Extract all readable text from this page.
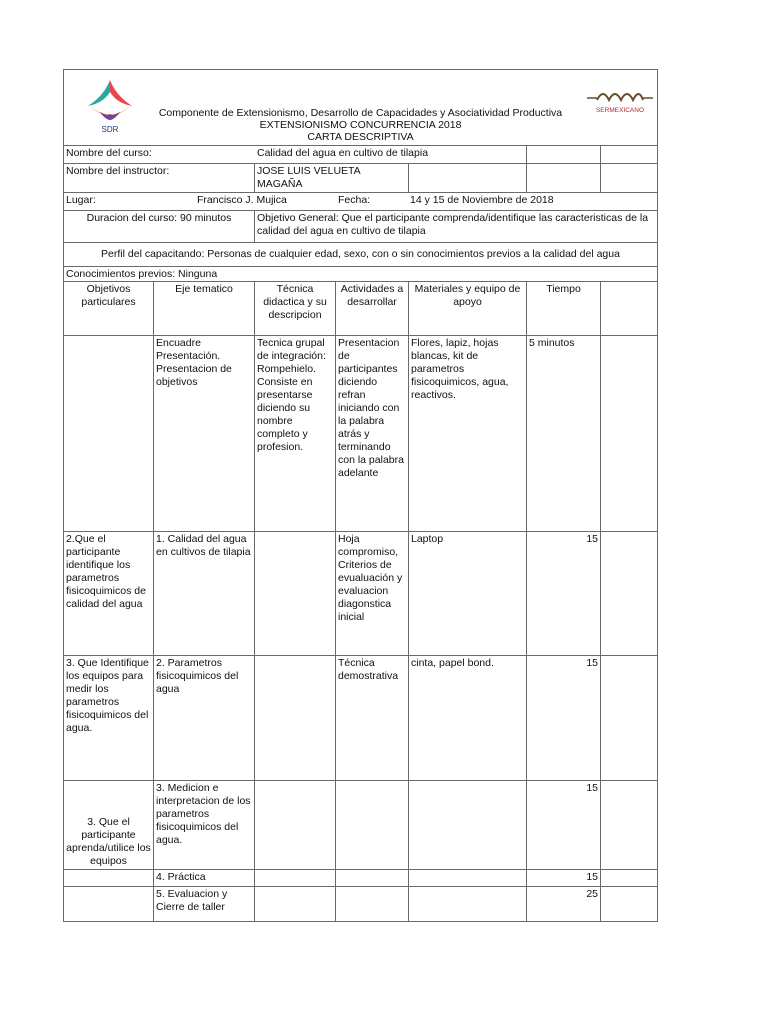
SDR
SERMEXICANO
Componente de Extensionismo, Desarrollo de Capacidades y Asociatividad Productiva
EXTENSIONISMO CONCURRENCIA 2018
CARTA DESCRIPTIVA						

Nombre del curso:		Calidad del agua en cultivo de tilapia				
Nombre del instructor:		JOSE LUIS VELUETA MAGAÑA				

Lugar: Francisco J. Mujica Fecha: 14 y 15 de Noviembre de 2018						

Duracion del curso: 90 minutos		Objetivo General: Que el participante comprenda/identifique las caracteristicas de la calidad del agua en cultivo de tilapia				
Perfil del capacitando: Personas de cualquier edad, sexo, con o sin conocimientos previos a la calidad del agua						
Conocimientos previos: Ninguna						
Objetivos particulares	Eje tematico	Técnica didactica y su descripcion	Actividades a desarrollar	Materiales y equipo de apoyo	Tiempo	
	Encuadre Presentación. Presentacion de objetivos	Tecnica grupal de integración: Rompehielo. Consiste en presentarse diciendo su nombre completo y profesion.	Presentacion de participantes diciendo refran iniciando con la palabra atrás y terminando con la palabra adelante	Flores, lapiz, hojas blancas, kit de parametros fisicoquimicos, agua, reactivos.	5 minutos	
2.Que el participante identifique los parametros fisicoquimicos de calidad del agua	1. Calidad del agua en cultivos de tilapia		Hoja compromiso, Criterios de evualuación y evaluacion diagonstica inicial	Laptop	15	
3. Que Identifique los equipos para medir los parametros fisicoquimicos del agua.	2. Parametros fisicoquimicos del agua		Técnica demostrativa	cinta, papel bond.	15	
3. Que el participante aprenda/utilice los equipos	3. Medicion e interpretacion de los parametros fisicoquimicos del agua.				15	
	4. Práctica				15	
	5. Evaluacion y Cierre de taller				25	
